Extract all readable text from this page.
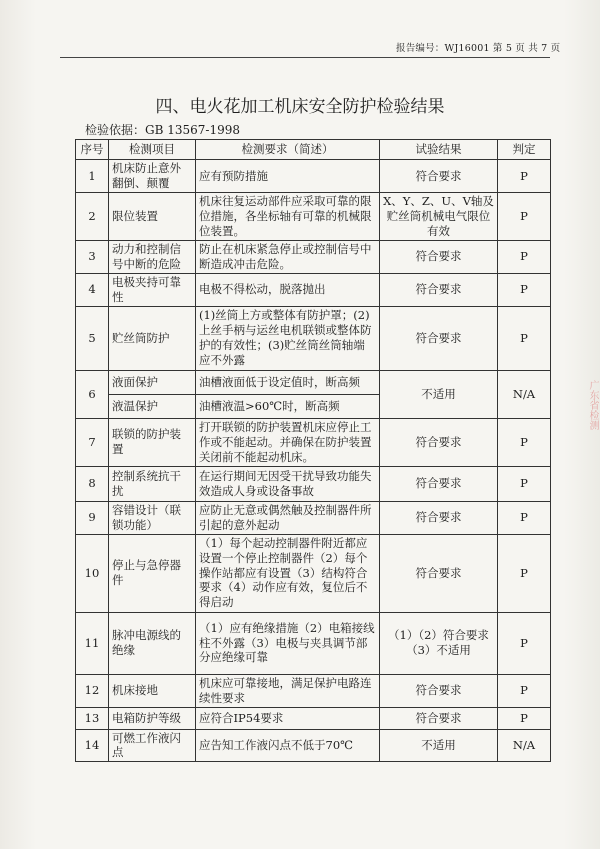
报告编号：WJ16001 第 5 页 共 7 页
四、电火花加工机床安全防护检验结果
检验依据：GB 13567-1998
序号	检测项目	检测要求（简述）	试验结果	判定
1	机床防止意外翻倒、颠覆	应有预防措施	符合要求	P
2	限位装置	机床往复运动部件应采取可靠的限位措施，各坐标轴有可靠的机械限位装置。	X、Y、Z、U、V轴及贮丝筒机械电气限位有效	P
3	动力和控制信号中断的危险	防止在机床紧急停止或控制信号中断造成冲击危险。	符合要求	P
4	电极夹持可靠性	电极不得松动，脱落抛出	符合要求	P
5	贮丝筒防护	(1)丝筒上方或整体有防护罩；(2)上丝手柄与运丝电机联锁或整体防护的有效性；(3)贮丝筒丝筒轴端应不外露	符合要求	P
6	液面保护	油槽液面低于设定值时，断高频	不适用	N/A
	液温保护	油槽液温>60℃时，断高频		
7	联锁的防护装置	打开联锁的防护装置机床应停止工作或不能起动。并确保在防护装置关闭前不能起动机床。	符合要求	P
8	控制系统抗干扰	在运行期间无因受干扰导致功能失效造成人身或设备事故	符合要求	P
9	容错设计（联锁功能）	应防止无意或偶然触及控制器件所引起的意外起动	符合要求	P
10	停止与急停器件	（1）每个起动控制器件附近都应设置一个停止控制器件（2）每个操作站都应有设置（3）结构符合要求（4）动作应有效，复位后不得启动	符合要求	P
11	脉冲电源线的绝缘	（1）应有绝缘措施（2）电箱接线柱不外露（3）电极与夹具调节部分应绝缘可靠	（1）（2）符合要求
（3）不适用	P
12	机床接地	机床应可靠接地，满足保护电路连续性要求	符合要求	P
13	电箱防护等级	应符合IP54要求	符合要求	P
14	可燃工作液闪点	应告知工作液闪点不低于70℃	不适用	N/A
广东省检测
